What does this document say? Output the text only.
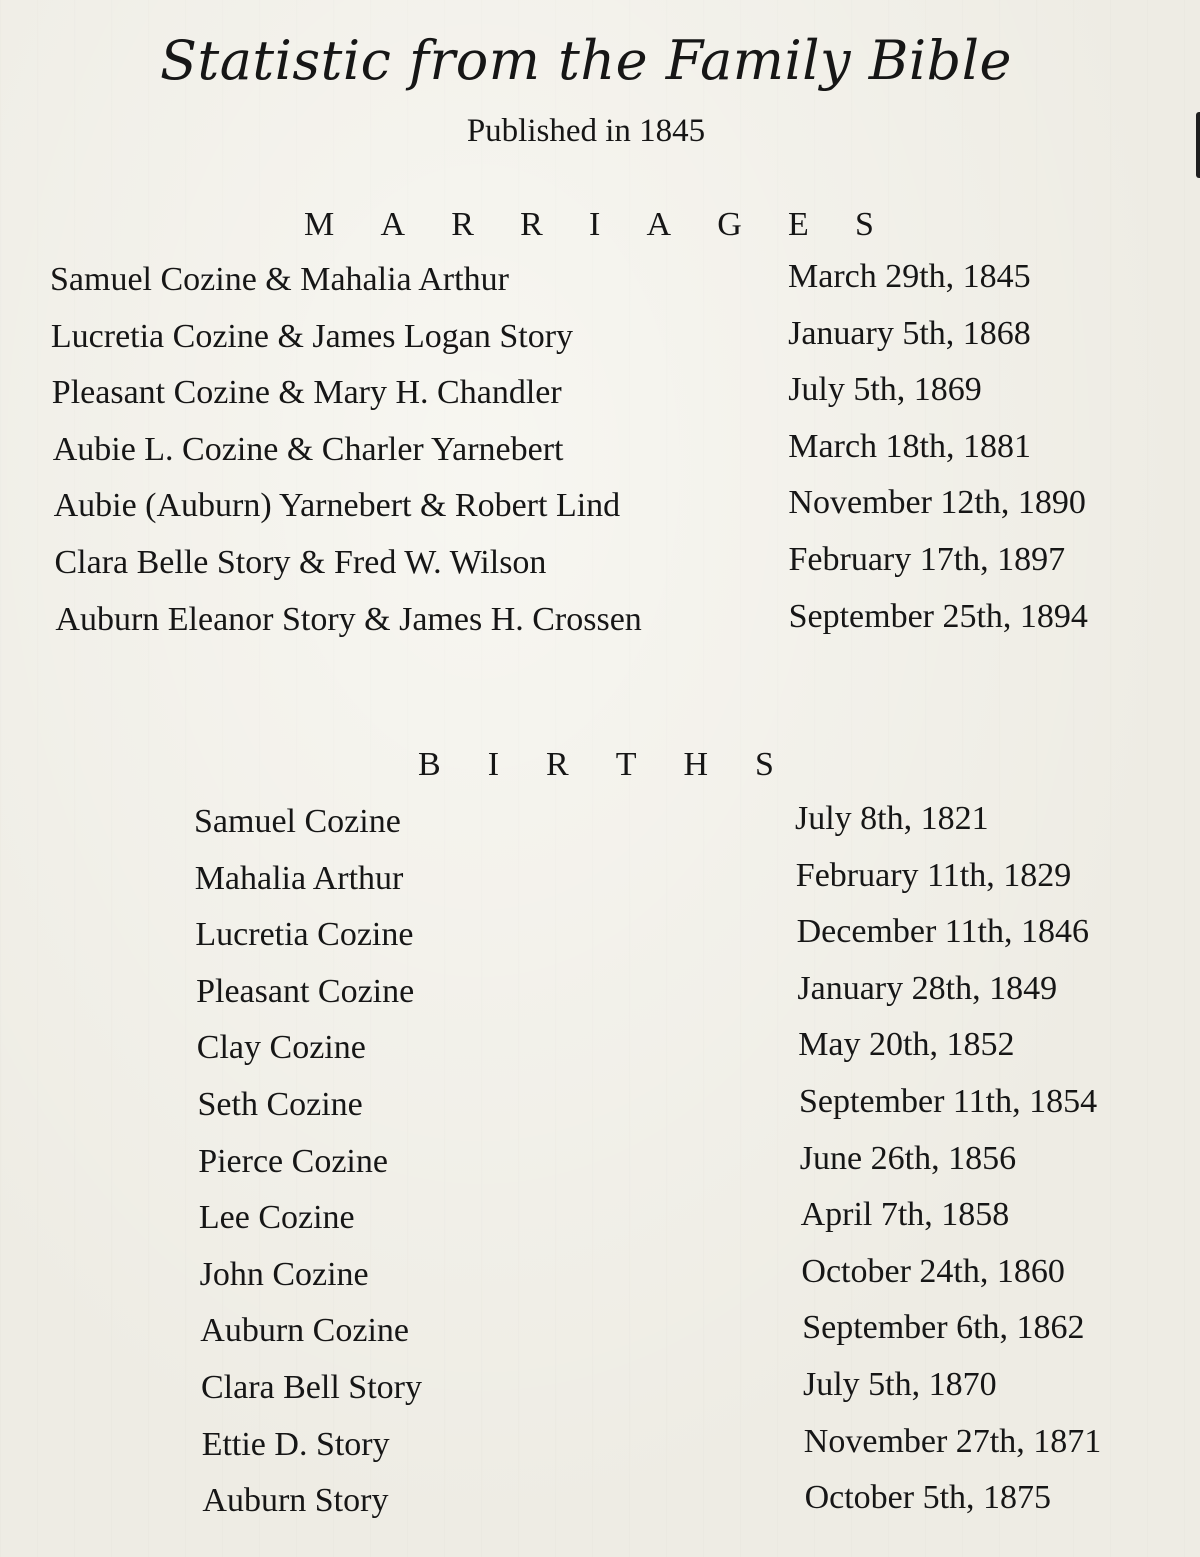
Statistic from the Family Bible
Published in 1845
M A R R I A G E S
Samuel Cozine & Mahalia Arthur	March 29th, 1845
Lucretia Cozine & James Logan Story	January 5th, 1868
Pleasant Cozine & Mary H. Chandler	July 5th, 1869
Aubie L. Cozine & Charler Yarnebert	March 18th, 1881
Aubie (Auburn) Yarnebert & Robert Lind	November 12th, 1890
Clara Belle Story & Fred W. Wilson	February 17th, 1897
Auburn Eleanor Story & James H. Crossen	September 25th, 1894
B I R T H S
Samuel Cozine	July 8th, 1821
Mahalia Arthur	February 11th, 1829
Lucretia Cozine	December 11th, 1846
Pleasant Cozine	January 28th, 1849
Clay Cozine	May 20th, 1852
Seth Cozine	September 11th, 1854
Pierce Cozine	June 26th, 1856
Lee Cozine	April 7th, 1858
John Cozine	October 24th, 1860
Auburn Cozine	September 6th, 1862
Clara Bell Story	July 5th, 1870
Ettie D. Story	November 27th, 1871
Auburn Story	October 5th, 1875
